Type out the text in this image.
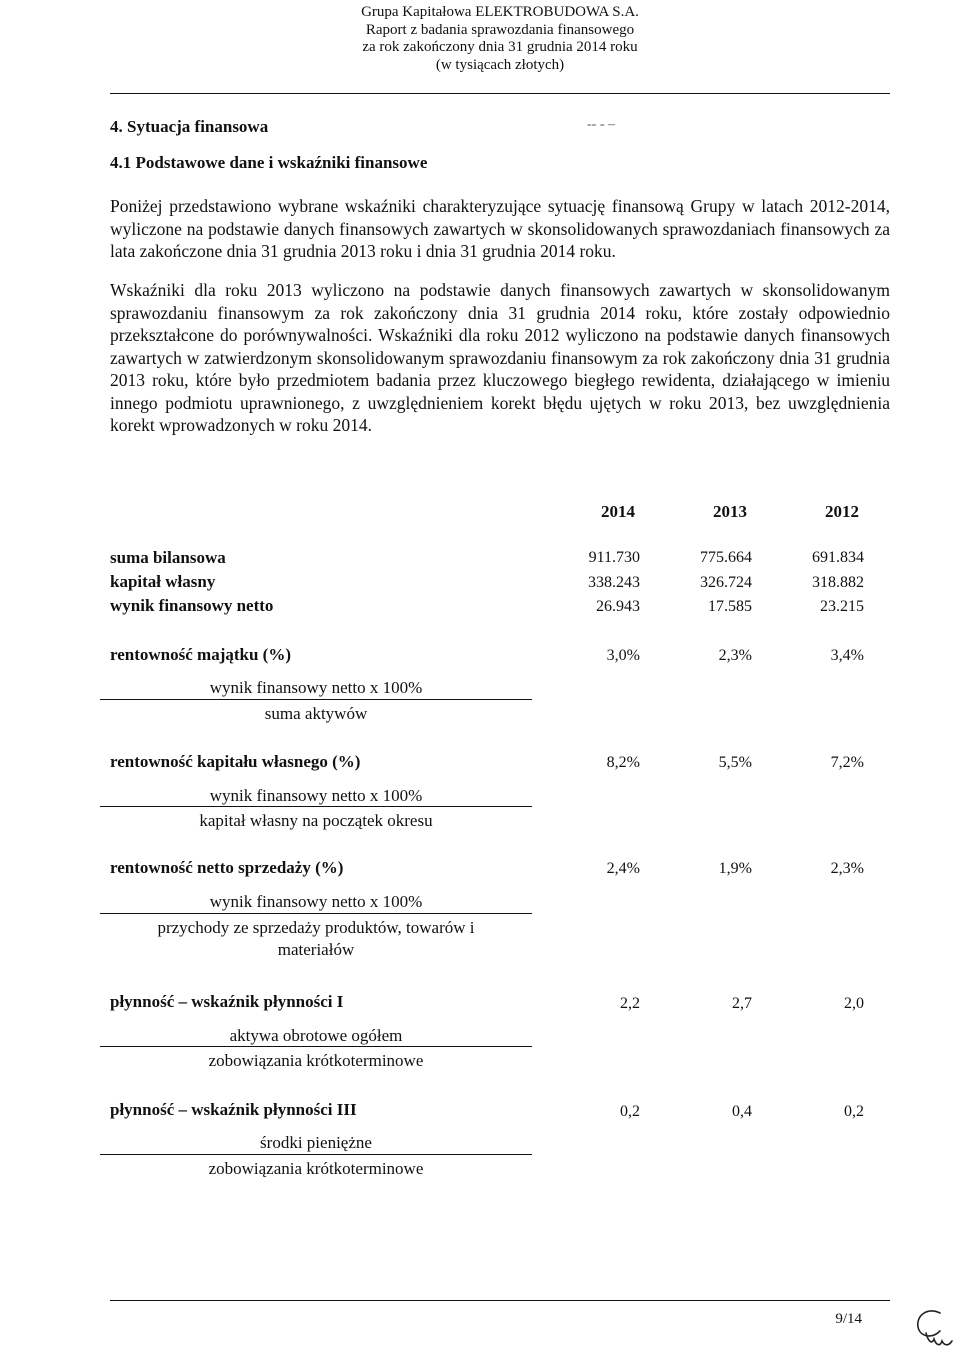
Grupa Kapitałowa ELEKTROBUDOWA S.A.
Raport z badania sprawozdania finansowego
za rok zakończony dnia 31 grudnia 2014 roku
(w tysiącach złotych)
4. Sytuacja finansowa	-- ‑ –
4.1 Podstawowe dane i wskaźniki finansowe
Poniżej przedstawiono wybrane wskaźniki charakteryzujące sytuację finansową Grupy w latach 2012-2014, wyliczone na podstawie danych finansowych zawartych w skonsolidowanych sprawozdaniach finansowych za lata zakończone dnia 31 grudnia 2013 roku i dnia 31 grudnia 2014 roku.
Wskaźniki dla roku 2013 wyliczono na podstawie danych finansowych zawartych w skonsolidowanym sprawozdaniu finansowym za rok zakończony dnia 31 grudnia 2014 roku, które zostały odpowiednio przekształcone do porównywalności. Wskaźniki dla roku 2012 wyliczono na podstawie danych finansowych zawartych w zatwierdzonym skonsolidowanym sprawozdaniu finansowym za rok zakończony dnia 31 grudnia 2013 roku, które było przedmiotem badania przez kluczowego biegłego rewidenta, działającego w imieniu innego podmiotu uprawnionego, z uwzględnieniem korekt błędu ujętych w roku 2013, bez uwzględnienia korekt wprowadzonych w roku 2014.
2014	2013	2012
suma bilansowa	911.730	775.664	691.834
kapitał własny	338.243	326.724	318.882
wynik finansowy netto	26.943	17.585	23.215
rentowność majątku (%)	3,0%	2,3%	3,4%
wynik finansowy netto x 100%
suma aktywów
rentowność kapitału własnego (%)	8,2%	5,5%	7,2%
wynik finansowy netto x 100%
kapitał własny na początek okresu
rentowność netto sprzedaży (%)	2,4%	1,9%	2,3%
wynik finansowy netto x 100%
przychody ze sprzedaży produktów, towarów i materiałów
płynność – wskaźnik płynności I	2,2	2,7	2,0
aktywa obrotowe ogółem
zobowiązania krótkoterminowe
płynność – wskaźnik płynności III	0,2	0,4	0,2
środki pieniężne
zobowiązania krótkoterminowe
9/14
